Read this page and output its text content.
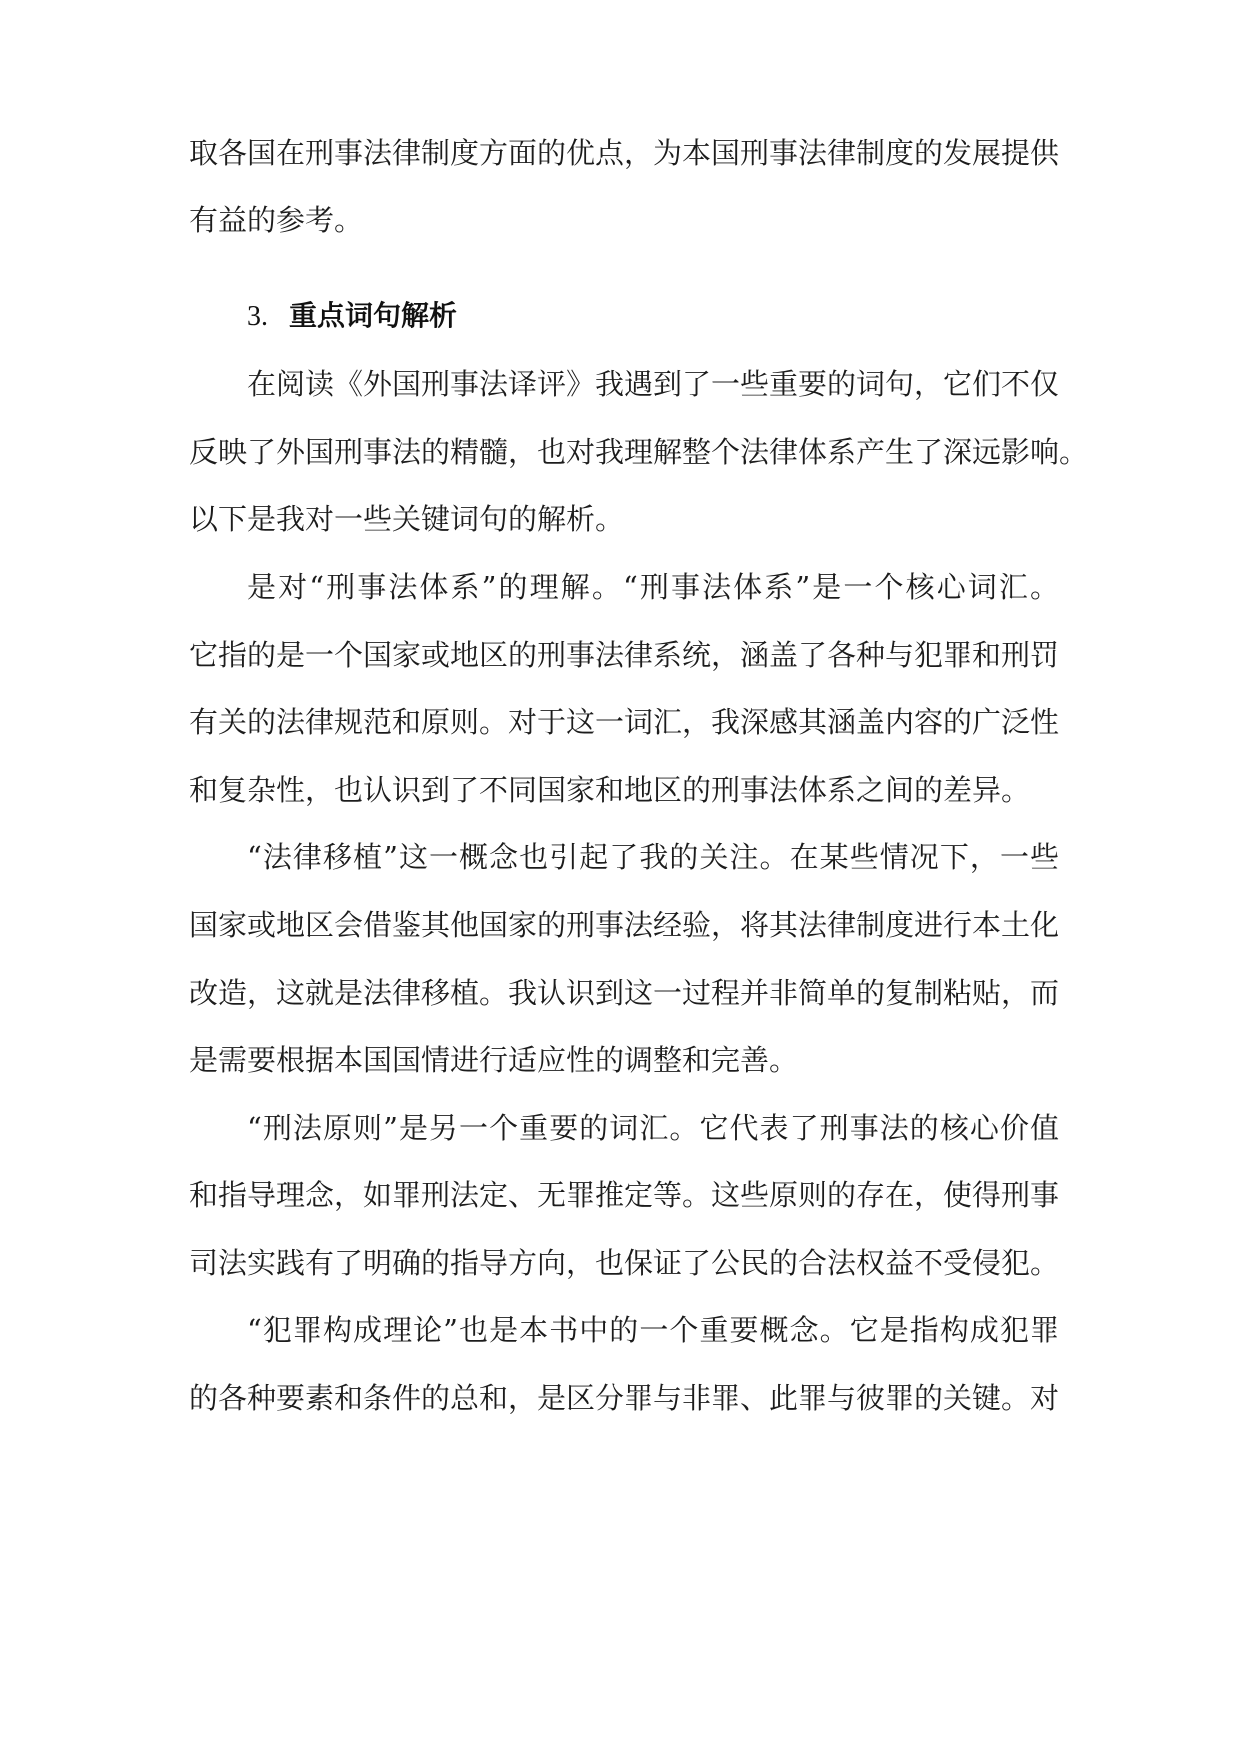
取各国在刑事法律制度方面的优点，为本国刑事法律制度的发展提供

有益的参考。

3. 重点词句解析

在阅读《外国刑事法译评》我遇到了一些重要的词句，它们不仅

反映了外国刑事法的精髓，也对我理解整个法律体系产生了深远影响。

以下是我对一些关键词句的解析。

是对“刑事法体系”的理解。“刑事法体系”是一个核心词汇。

它指的是一个国家或地区的刑事法律系统，涵盖了各种与犯罪和刑罚

有关的法律规范和原则。对于这一词汇，我深感其涵盖内容的广泛性

和复杂性，也认识到了不同国家和地区的刑事法体系之间的差异。

“法律移植”这一概念也引起了我的关注。在某些情况下，一些

国家或地区会借鉴其他国家的刑事法经验，将其法律制度进行本土化

改造，这就是法律移植。我认识到这一过程并非简单的复制粘贴，而

是需要根据本国国情进行适应性的调整和完善。

“刑法原则”是另一个重要的词汇。它代表了刑事法的核心价值

和指导理念，如罪刑法定、无罪推定等。这些原则的存在，使得刑事

司法实践有了明确的指导方向，也保证了公民的合法权益不受侵犯。

“犯罪构成理论”也是本书中的一个重要概念。它是指构成犯罪

的各种要素和条件的总和，是区分罪与非罪、此罪与彼罪的关键。对
